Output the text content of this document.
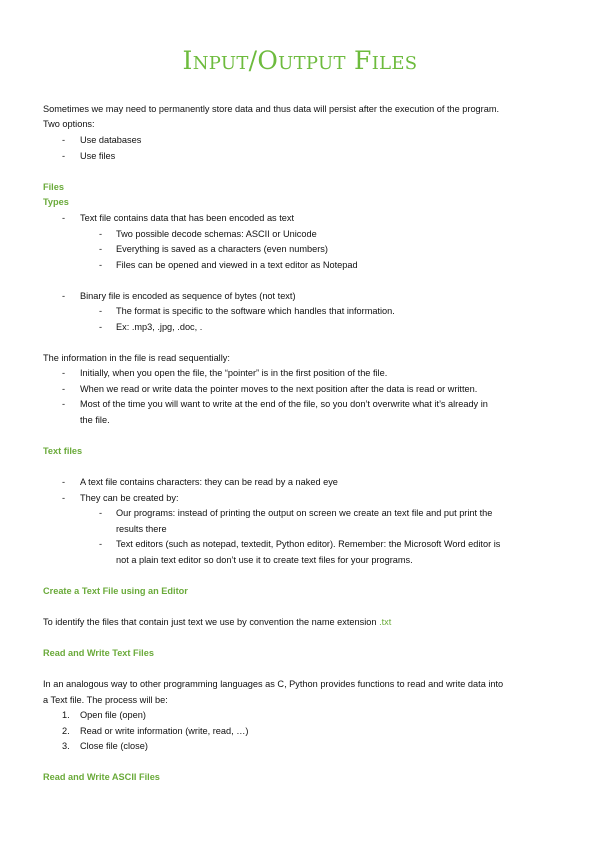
Input/Output Files
Sometimes we may need to permanently store data and thus data will persist after the execution of the program.
Two options:
- Use databases
- Use files
Files
Types
- Text file contains data that has been encoded as text
- Two possible decode schemas: ASCII or Unicode
- Everything is saved as a characters (even numbers)
- Files can be opened and viewed in a text editor as Notepad
- Binary file is encoded as sequence of bytes (not text)
- The format is specific to the software which handles that information.
- Ex: .mp3, .jpg, .doc, .
The information in the file is read sequentially:
- Initially, when you open the file, the “pointer” is in the first position of the file.
- When we read or write data the pointer moves to the next position after the data is read or written.
- Most of the time you will want to write at the end of the file, so you don’t overwrite what it’s already in
the file.
Text files
- A text file contains characters: they can be read by a naked eye
- They can be created by:
- Our programs: instead of printing the output on screen we create an text file and put print the
results there
- Text editors (such as notepad, textedit, Python editor). Remember: the Microsoft Word editor is
not a plain text editor so don’t use it to create text files for your programs.
Create a Text File using an Editor
To identify the files that contain just text we use by convention the name extension .txt
Read and Write Text Files
In an analogous way to other programming languages as C, Python provides functions to read and write data into
a Text file. The process will be:
1. Open file (open)
2. Read or write information (write, read, …)
3. Close file (close)
Read and Write ASCII Files
